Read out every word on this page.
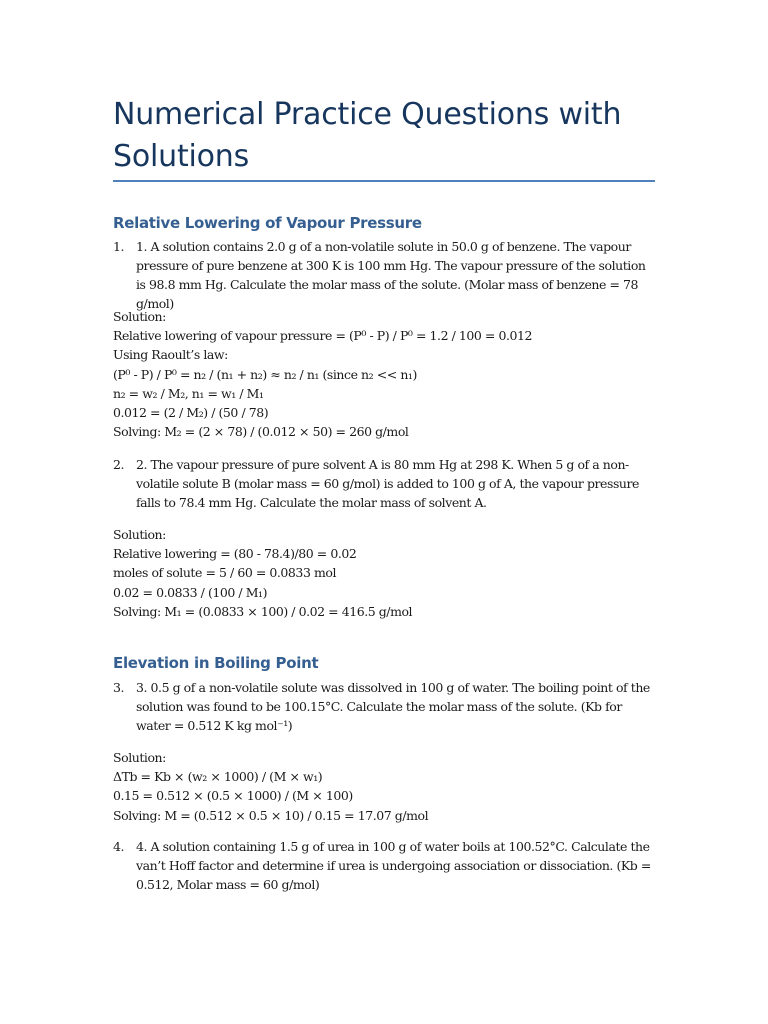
Numerical Practice Questions with Solutions
Relative Lowering of Vapour Pressure
1. 1. A solution contains 2.0 g of a non-volatile solute in 50.0 g of benzene. The vapour pressure of pure benzene at 300 K is 100 mm Hg. The vapour pressure of the solution is 98.8 mm Hg. Calculate the molar mass of the solute. (Molar mass of benzene = 78 g/mol)
Solution:
Relative lowering of vapour pressure = (P⁰ - P) / P⁰ = 1.2 / 100 = 0.012
Using Raoult’s law:
(P⁰ - P) / P⁰ = n₂ / (n₁ + n₂) ≈ n₂ / n₁ (since n₂ << n₁)
n₂ = w₂ / M₂, n₁ = w₁ / M₁
0.012 = (2 / M₂) / (50 / 78)
Solving: M₂ = (2 × 78) / (0.012 × 50) = 260 g/mol
2. 2. The vapour pressure of pure solvent A is 80 mm Hg at 298 K. When 5 g of a non-volatile solute B (molar mass = 60 g/mol) is added to 100 g of A, the vapour pressure falls to 78.4 mm Hg. Calculate the molar mass of solvent A.
Solution:
Relative lowering = (80 - 78.4)/80 = 0.02
moles of solute = 5 / 60 = 0.0833 mol
0.02 = 0.0833 / (100 / M₁)
Solving: M₁ = (0.0833 × 100) / 0.02 = 416.5 g/mol
Elevation in Boiling Point
3. 3. 0.5 g of a non-volatile solute was dissolved in 100 g of water. The boiling point of the solution was found to be 100.15°C. Calculate the molar mass of the solute. (Kb for water = 0.512 K kg mol⁻¹)
Solution:
ΔTb = Kb × (w₂ × 1000) / (M × w₁)
0.15 = 0.512 × (0.5 × 1000) / (M × 100)
Solving: M = (0.512 × 0.5 × 10) / 0.15 = 17.07 g/mol
4. 4. A solution containing 1.5 g of urea in 100 g of water boils at 100.52°C. Calculate the van’t Hoff factor and determine if urea is undergoing association or dissociation. (Kb = 0.512, Molar mass = 60 g/mol)
